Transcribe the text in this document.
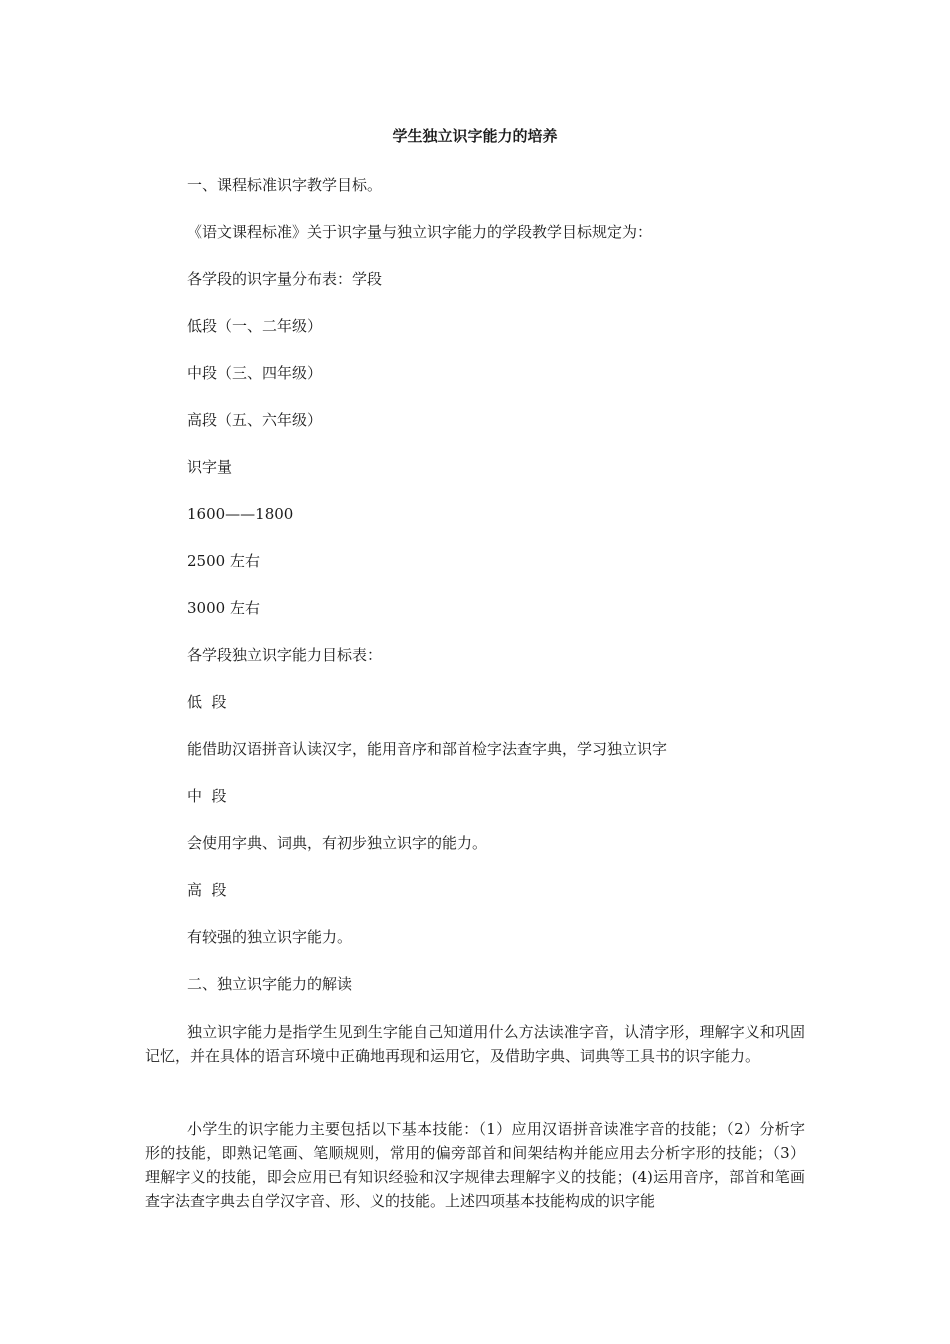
学生独立识字能力的培养

一、课程标准识字教学目标。

《语文课程标准》关于识字量与独立识字能力的学段教学目标规定为：

各学段的识字量分布表：学段

低段（一、二年级）

中段（三、四年级）

高段（五、六年级）

识字量

1600——1800

2500 左右

3000 左右

各学段独立识字能力目标表：

低  段

能借助汉语拼音认读汉字，能用音序和部首检字法查字典，学习独立识字

中  段

会使用字典、词典，有初步独立识字的能力。

高  段

有较强的独立识字能力。

二、独立识字能力的解读

独立识字能力是指学生见到生字能自己知道用什么方法读准字音，认清字形，理解字义和巩固记忆，并在具体的语言环境中正确地再现和运用它，及借助字典、词典等工具书的识字能力。

小学生的识字能力主要包括以下基本技能：（1）应用汉语拼音读准字音的技能；（2）分析字形的技能，即熟记笔画、笔顺规则，常用的偏旁部首和间架结构并能应用去分析字形的技能；（3）理解字义的技能，即会应用已有知识经验和汉字规律去理解字义的技能；(4)运用音序，部首和笔画查字法查字典去自学汉字音、形、义的技能。上述四项基本技能构成的识字能
